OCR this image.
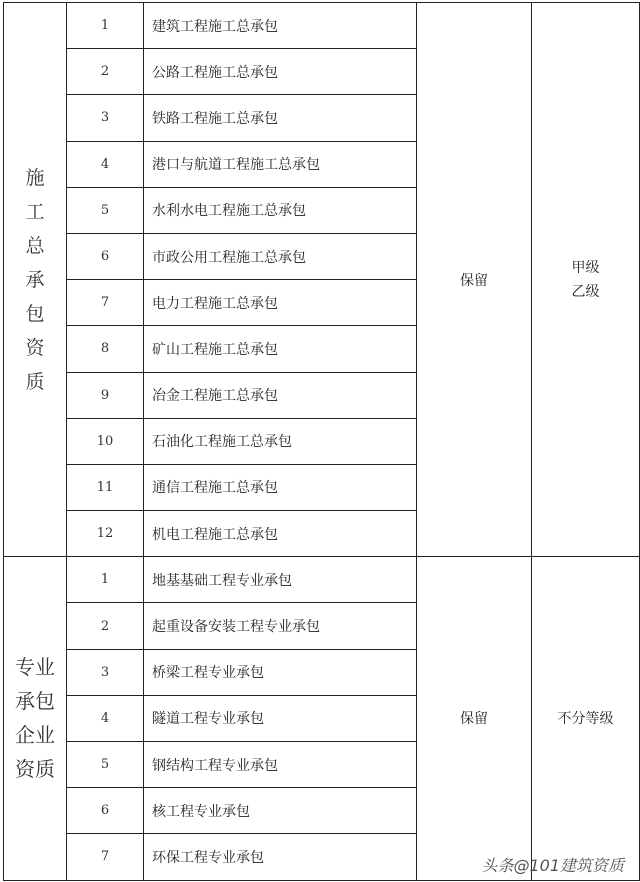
施工总承包资质	1	建筑工程施工总承包	保留	甲级乙级
	2	公路工程施工总承包		
	3	铁路工程施工总承包		
	4	港口与航道工程施工总承包		
	5	水利水电工程施工总承包		
	6	市政公用工程施工总承包		
	7	电力工程施工总承包		
	8	矿山工程施工总承包		
	9	冶金工程施工总承包		
	10	石油化工程施工总承包		
	11	通信工程施工总承包		
	12	机电工程施工总承包		
专业承包企业资质	1	地基基础工程专业承包	保留	不分等级
	2	起重设备安装工程专业承包		
	3	桥梁工程专业承包		
	4	隧道工程专业承包		
	5	钢结构工程专业承包		
	6	核工程专业承包		
	7	环保工程专业承包			头条@101建筑资质
